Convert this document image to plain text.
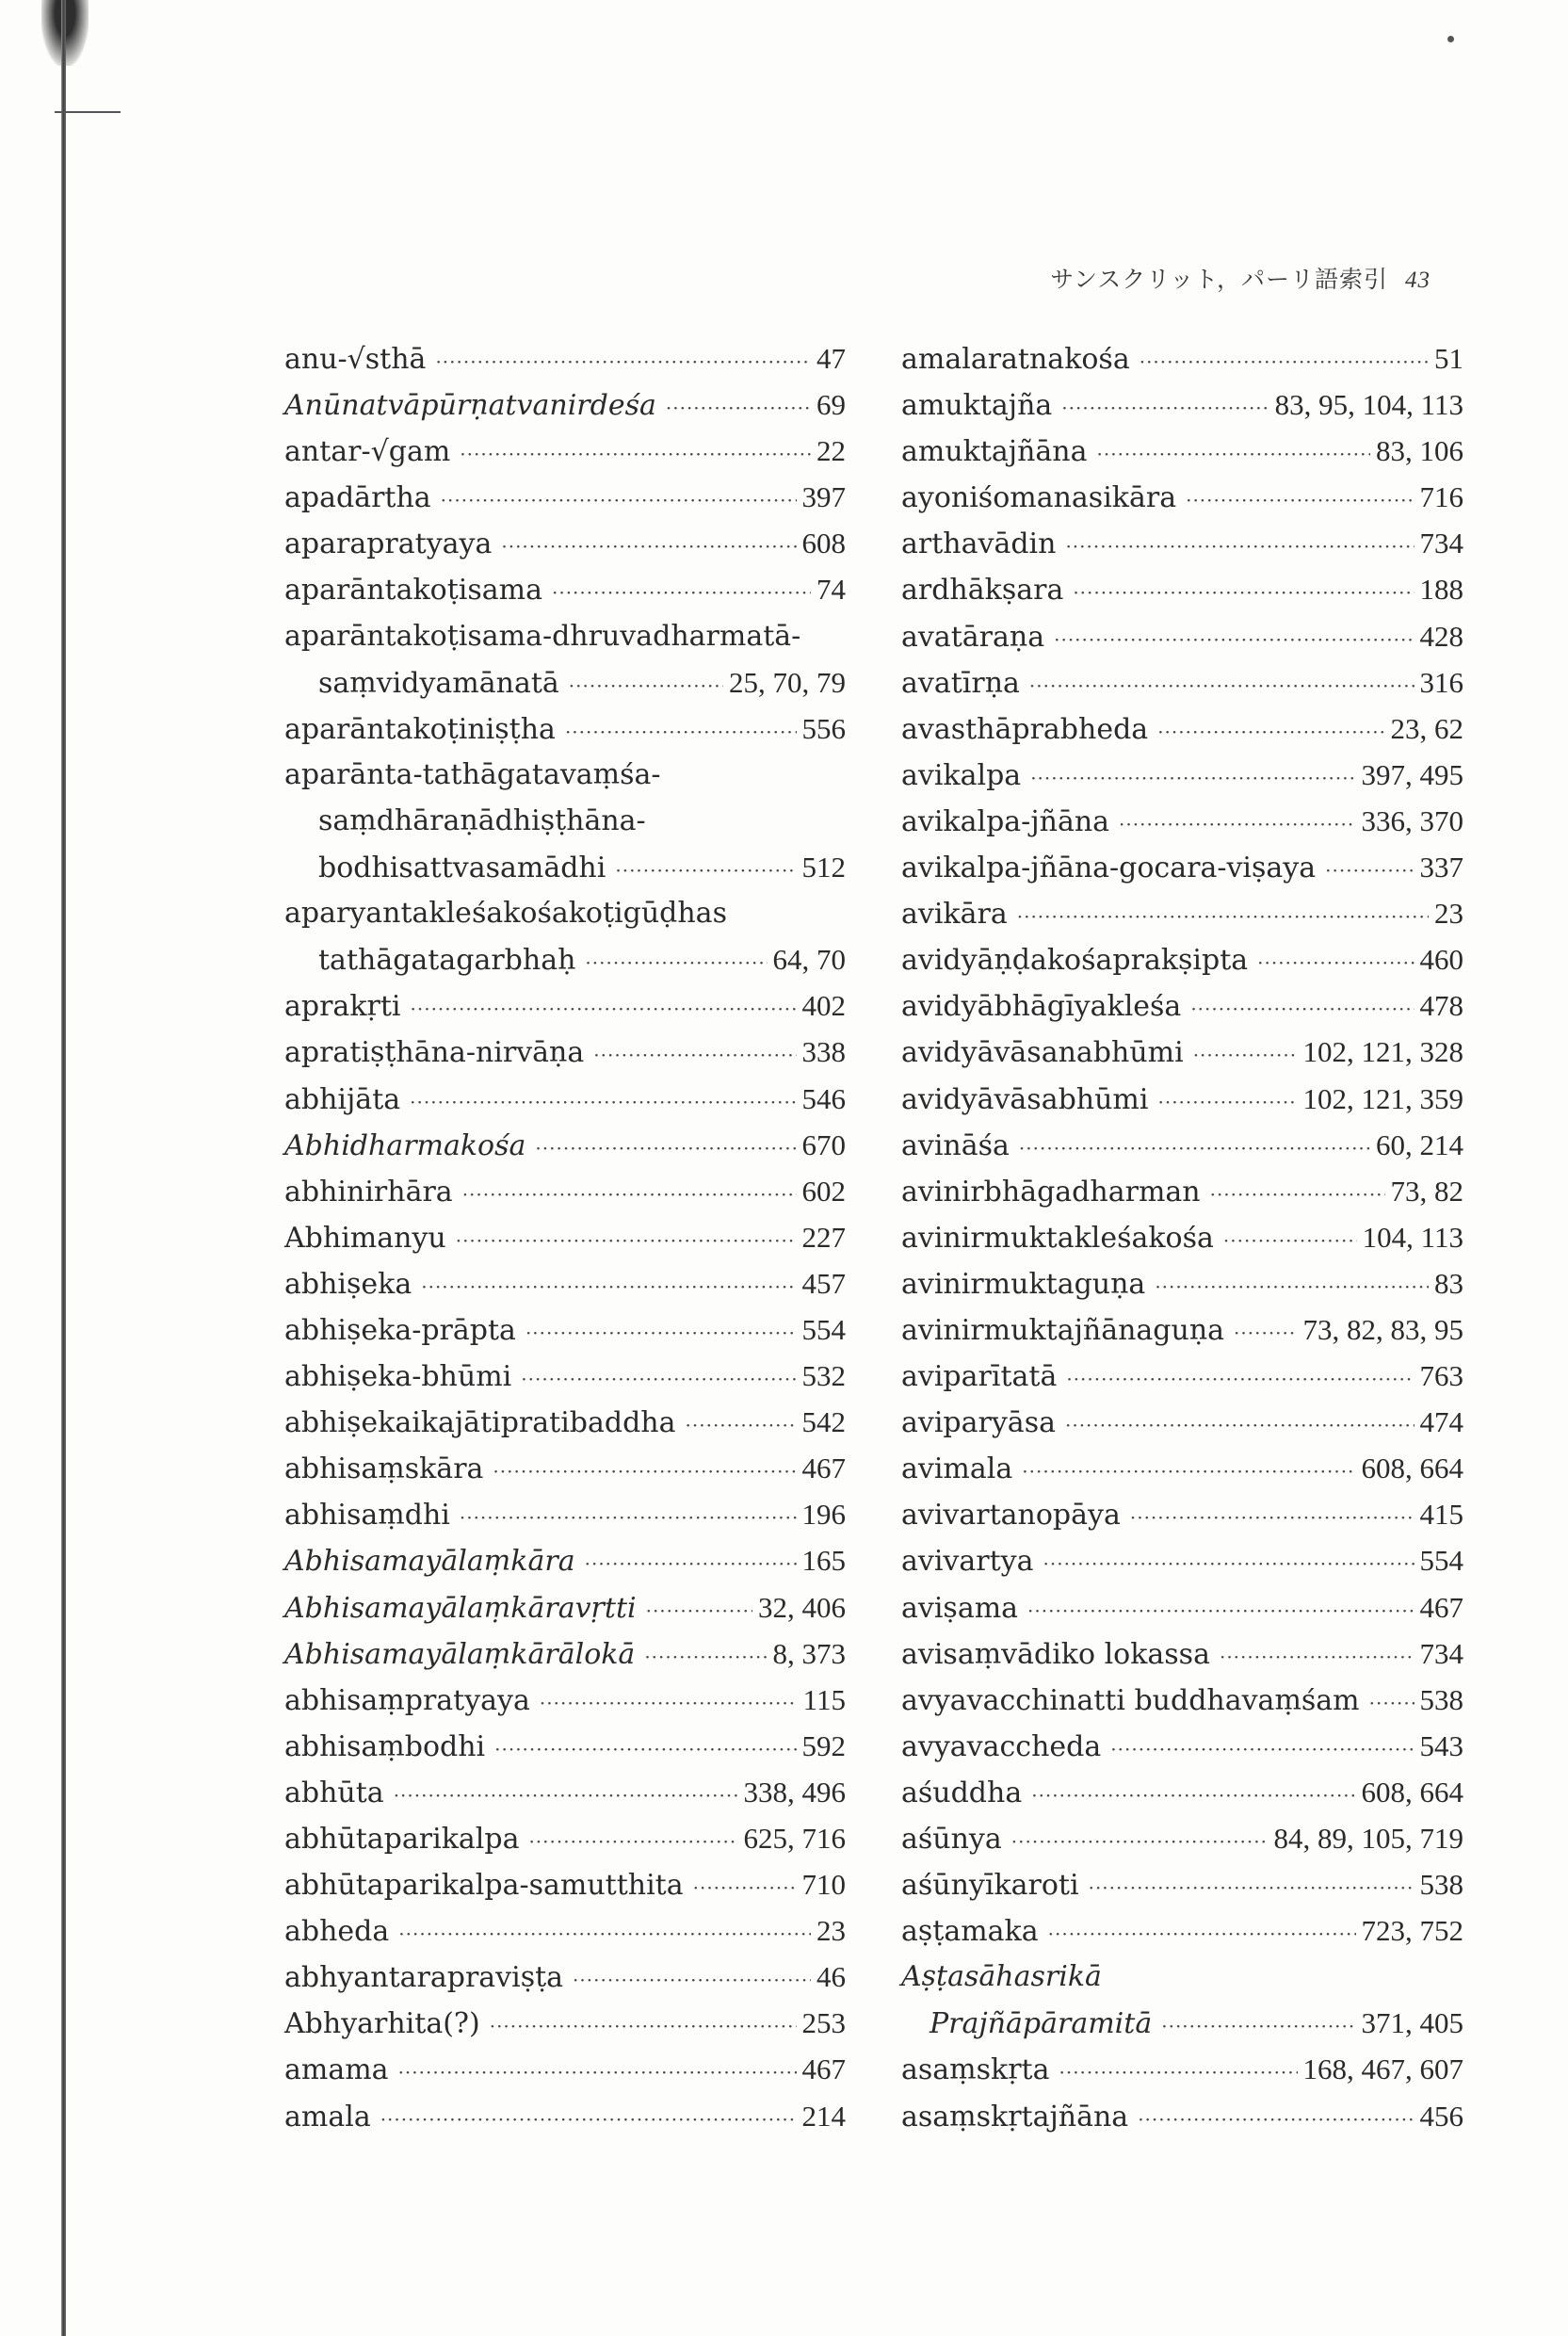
サンスクリット，パーリ語索引 43
anu-√sthā ·····	47
Anūnatvāpūrṇatvanirdeśa ·····	69
antar-√gam ·····	22
apadārtha ·····	397
aparapratyaya ·····	608
aparāntakoṭisama ·····	74
aparāntakoṭisama-dhruvadharmatā-
saṃvidyamānatā ·····	25, 70, 79
aparāntakoṭiniṣṭha ·····	556
aparānta-tathāgatavaṃśa-
saṃdhāraṇādhiṣṭhāna-
bodhisattvasamādhi ·····	512
aparyantakleśakośakoṭigūḍhas
tathāgatagarbhaḥ ·····	64, 70
aprakṛti ·····	402
apratiṣṭhāna-nirvāṇa ·····	338
abhijāta ·····	546
Abhidharmakośa ·····	670
abhinirhāra ·····	602
Abhimanyu ·····	227
abhiṣeka ·····	457
abhiṣeka-prāpta ·····	554
abhiṣeka-bhūmi ·····	532
abhiṣekaikajātipratibaddha ·····	542
abhisaṃskāra ·····	467
abhisaṃdhi ·····	196
Abhisamayālaṃkāra ·····	165
Abhisamayālaṃkāravṛtti ·····	32, 406
Abhisamayālaṃkārālokā ·····	8, 373
abhisaṃpratyaya ·····	115
abhisaṃbodhi ·····	592
abhūta ·····	338, 496
abhūtaparikalpa ·····	625, 716
abhūtaparikalpa-samutthita ·····	710
abheda ·····	23
abhyantarapraviṣṭa ·····	46
Abhyarhita(?) ·····	253
amama ·····	467
amala ·····	214
amalaratnakośa ·····	51
amuktajña ·····	83, 95, 104, 113
amuktajñāna ·····	83, 106
ayoniśomanasikāra ·····	716
arthavādin ·····	734
ardhākṣara ·····	188
avatāraṇa ·····	428
avatīrṇa ·····	316
avasthāprabheda ·····	23, 62
avikalpa ·····	397, 495
avikalpa-jñāna ·····	336, 370
avikalpa-jñāna-gocara-viṣaya ·····	337
avikāra ·····	23
avidyāṇḍakośaprakṣipta ·····	460
avidyābhāgīyakleśa ·····	478
avidyāvāsanabhūmi ·····	102, 121, 328
avidyāvāsabhūmi ·····	102, 121, 359
avināśa ·····	60, 214
avinirbhāgadharman ·····	73, 82
avinirmuktakleśakośa ·····	104, 113
avinirmuktaguṇa ·····	83
avinirmuktajñānaguṇa ·····	73, 82, 83, 95
aviparītatā ·····	763
aviparyāsa ·····	474
avimala ·····	608, 664
avivartanopāya ·····	415
avivartya ·····	554
aviṣama ·····	467
avisaṃvādiko lokassa ·····	734
avyavacchinatti buddhavaṃśam ····· 538
avyavaccheda ·····	543
aśuddha ·····	608, 664
aśūnya ·····	84, 89, 105, 719
aśūnyīkaroti ·····	538
aṣṭamaka ·····	723, 752
Aṣṭasāhasrikā
Prajñāpāramitā ·····	371, 405
asaṃskṛta ·····	168, 467, 607
asaṃskṛtajñāna ·····	456
